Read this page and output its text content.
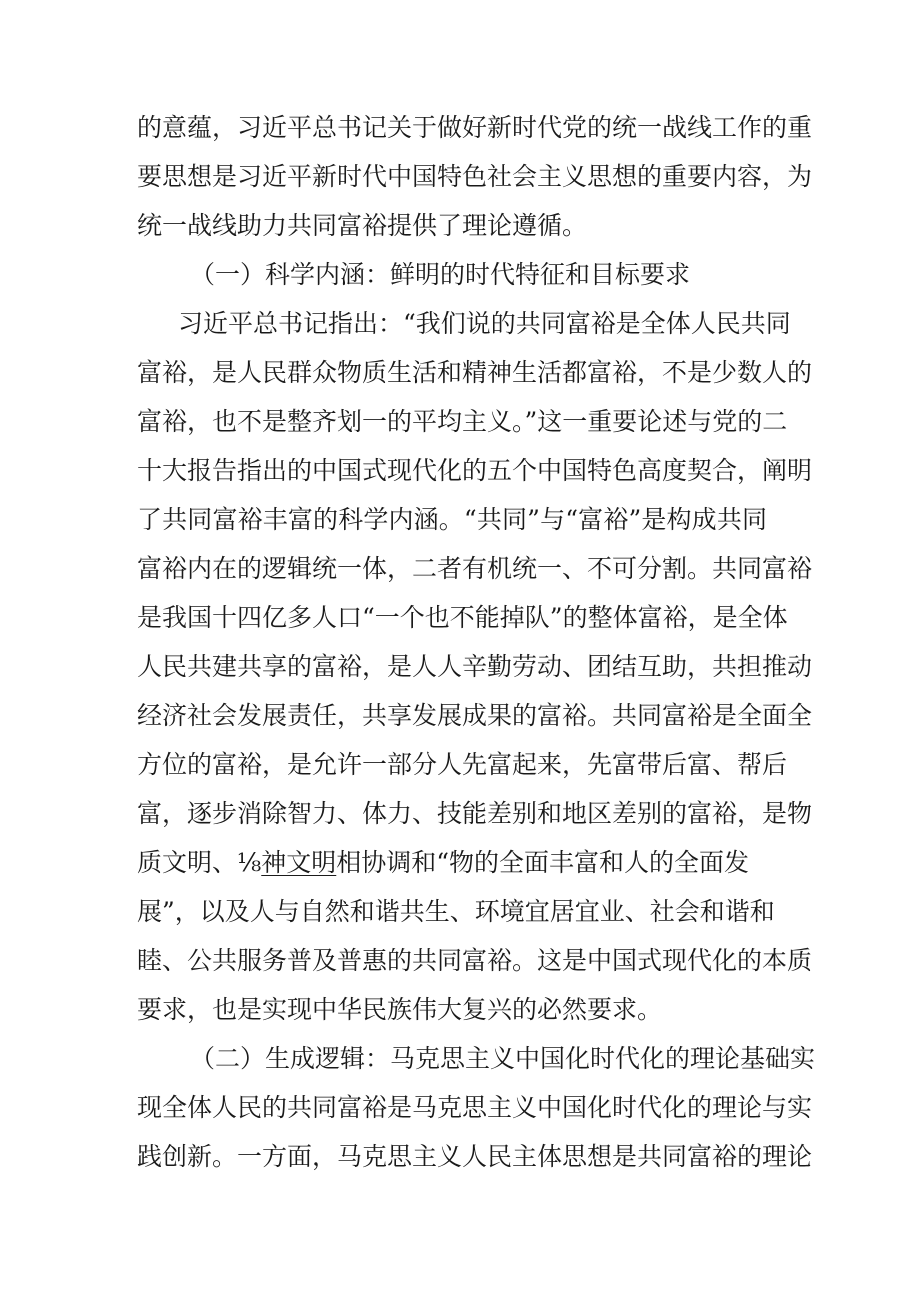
的意蕴，习近平总书记关于做好新时代党的统一战线工作的重
要思想是习近平新时代中国特色社会主义思想的重要内容，为
统一战线助力共同富裕提供了理论遵循。
（一）科学内涵：鲜明的时代特征和目标要求
习近平总书记指出：“我们说的共同富裕是全体人民共同
富裕，是人民群众物质生活和精神生活都富裕，不是少数人的
富裕，也不是整齐划一的平均主义。”这一重要论述与党的二
十大报告指出的中国式现代化的五个中国特色高度契合，阐明
了共同富裕丰富的科学内涵。“共同”与“富裕”是构成共同
富裕内在的逻辑统一体，二者有机统一、不可分割。共同富裕
是我国十四亿多人口“一个也不能掉队”的整体富裕，是全体
人民共建共享的富裕，是人人辛勤劳动、团结互助，共担推动
经济社会发展责任，共享发展成果的富裕。共同富裕是全面全
方位的富裕，是允许一部分人先富起来，先富带后富、帮后
富，逐步消除智力、体力、技能差别和地区差别的富裕，是物
质文明、⅛神文明相协调和“物的全面丰富和人的全面发
展”，以及人与自然和谐共生、环境宜居宜业、社会和谐和
睦、公共服务普及普惠的共同富裕。这是中国式现代化的本质
要求，也是实现中华民族伟大复兴的必然要求。
（二）生成逻辑：马克思主义中国化时代化的理论基础实
现全体人民的共同富裕是马克思主义中国化时代化的理论与实
践创新。一方面，马克思主义人民主体思想是共同富裕的理论
